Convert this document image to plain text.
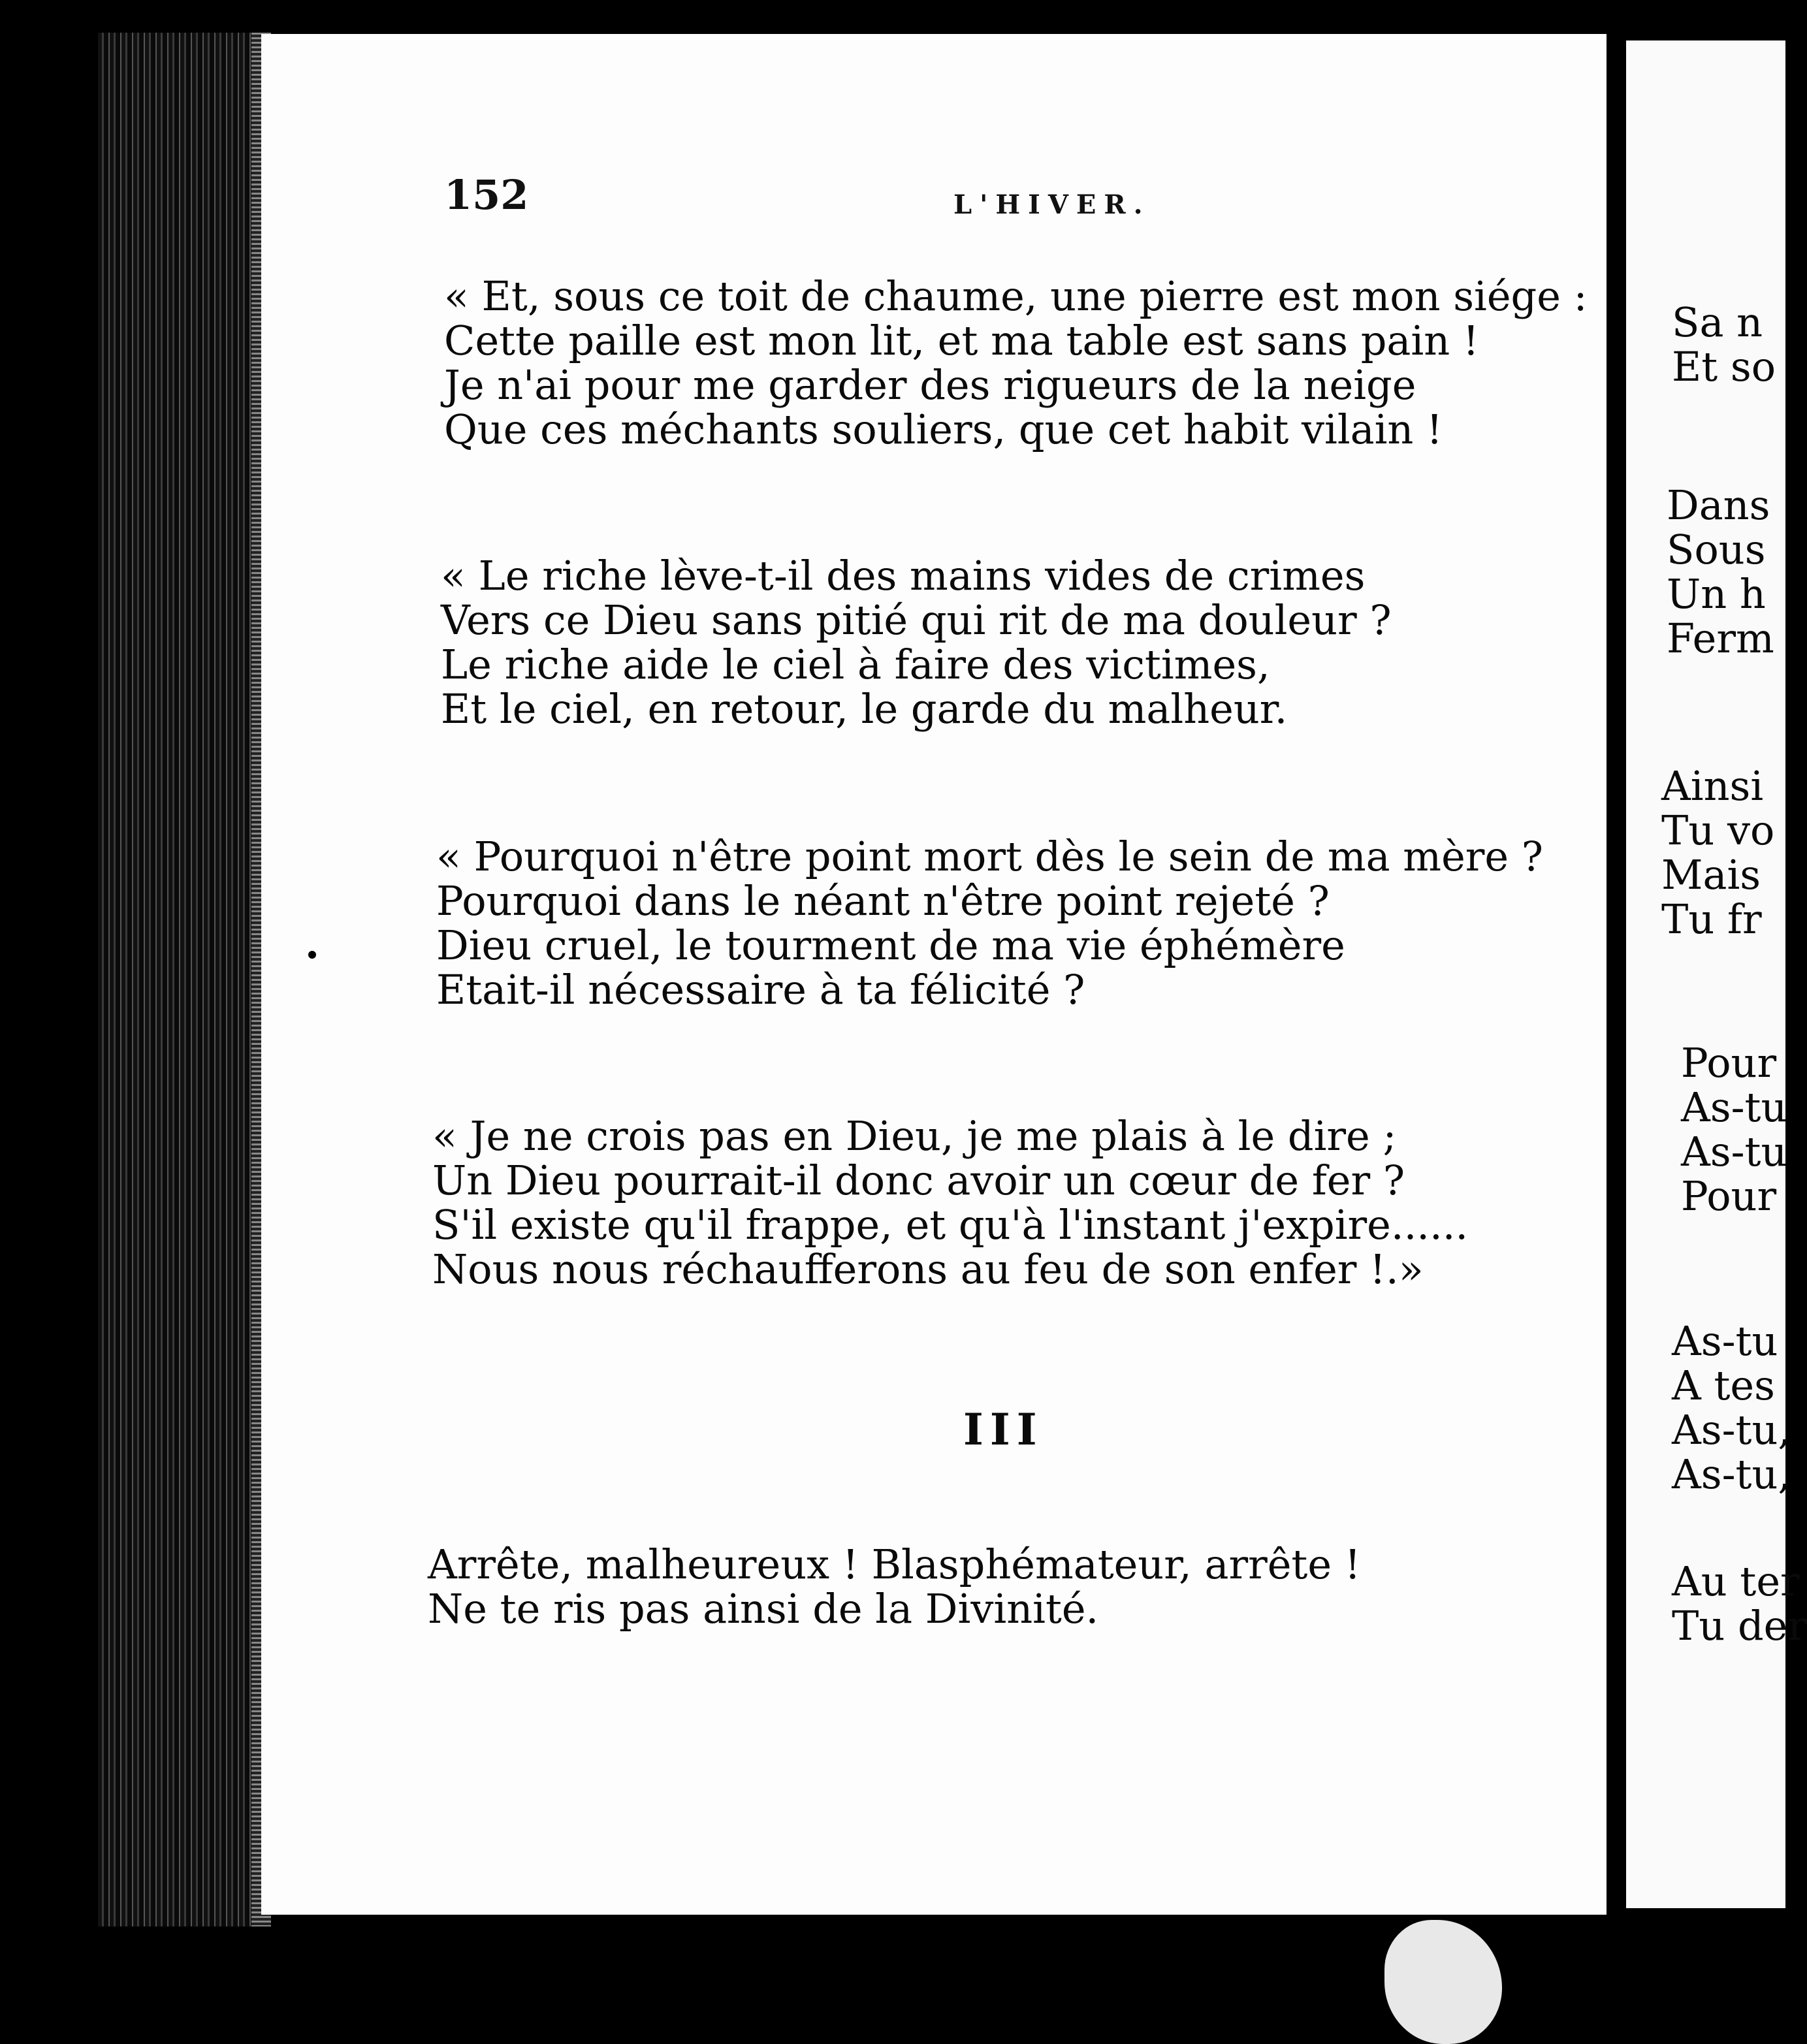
152	L'HIVER.
« Et, sous ce toit de chaume, une pierre est mon siége :
Cette paille est mon lit, et ma table est sans pain !
Je n'ai pour me garder des rigueurs de la neige
Que ces méchants souliers, que cet habit vilain !
« Le riche lève-t-il des mains vides de crimes
Vers ce Dieu sans pitié qui rit de ma douleur ?
Le riche aide le ciel à faire des victimes,
Et le ciel, en retour, le garde du malheur.
« Pourquoi n'être point mort dès le sein de ma mère ?
Pourquoi dans le néant n'être point rejeté ?
Dieu cruel, le tourment de ma vie éphémère
Etait-il nécessaire à ta félicité ?
« Je ne crois pas en Dieu, je me plais à le dire ;
Un Dieu pourrait-il donc avoir un cœur de fer ?
S'il existe qu'il frappe, et qu'à l'instant j'expire......
Nous nous réchaufferons au feu de son enfer !.»
III
Arrête, malheureux ! Blasphémateur, arrête !
Ne te ris pas ainsi de la Divinité.
Sa n
Et so
Dans
Sous
Un h
Ferm
Ainsi
Tu vo
Mais
Tu fr
Pour
As-tu
As-tu
Pour
As-tu
A tes
As-tu,
As-tu,
Au ter
Tu der
